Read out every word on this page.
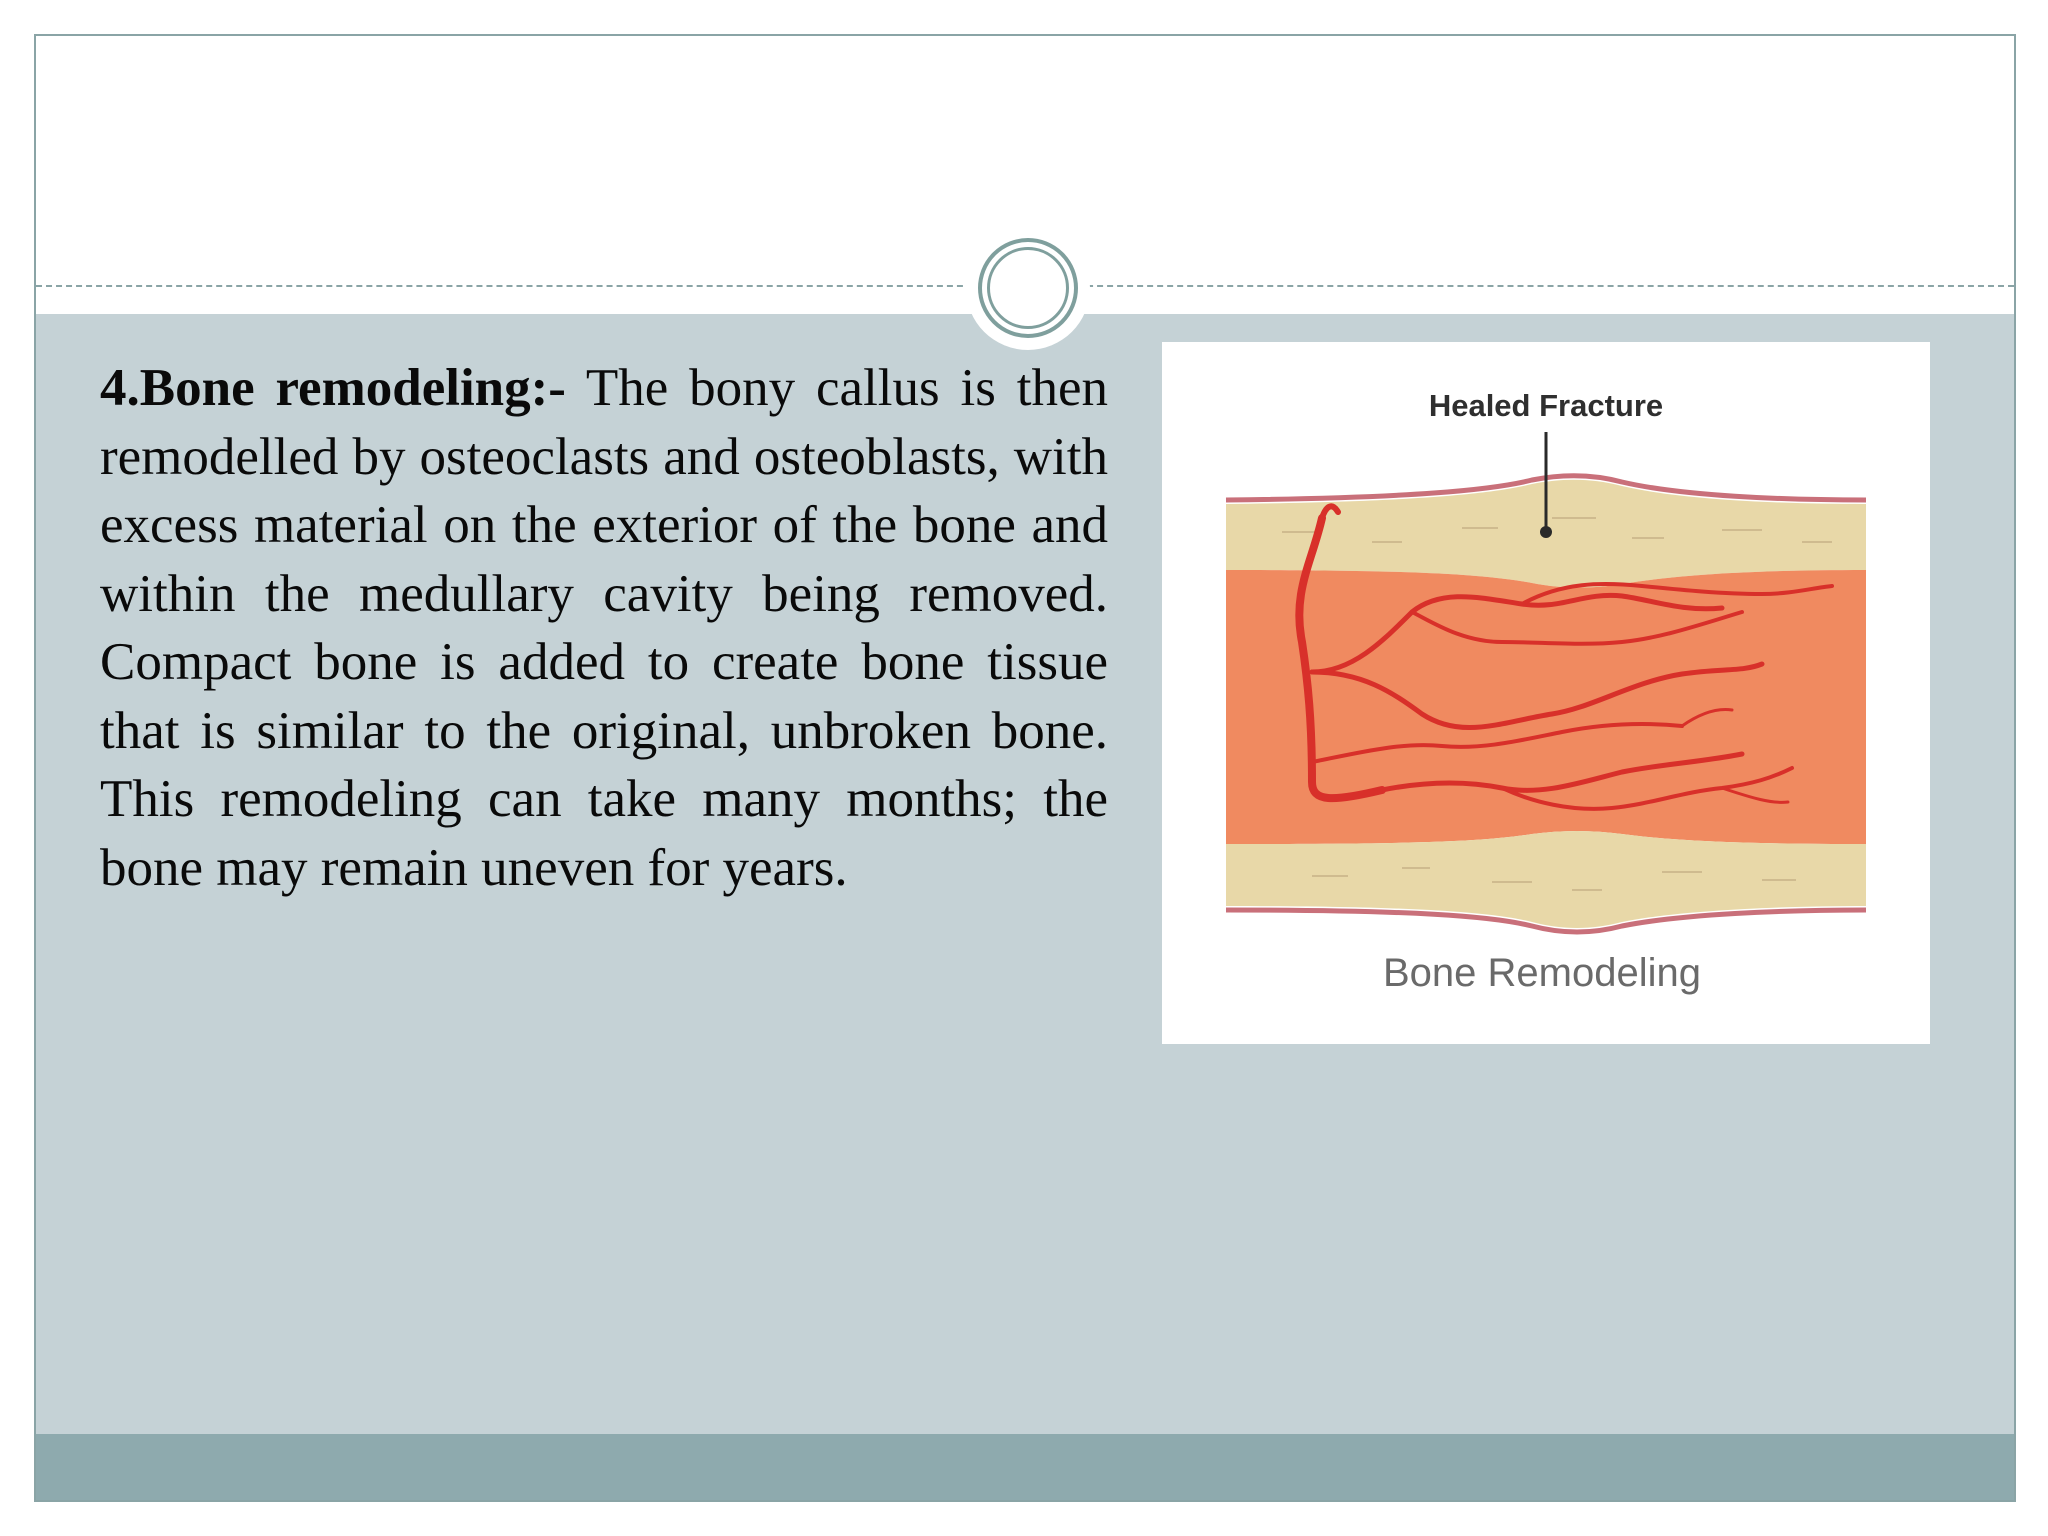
4.Bone remodeling:- The bony callus is then remodelled by osteoclasts and osteoblasts, with excess material on the exterior of the bone and within the medullary cavity being removed. Compact bone is added to create bone tissue that is similar to the original, unbroken bone. This remodeling can take many months; the bone may remain uneven for years.

Healed Fracture
Bone Remodeling
